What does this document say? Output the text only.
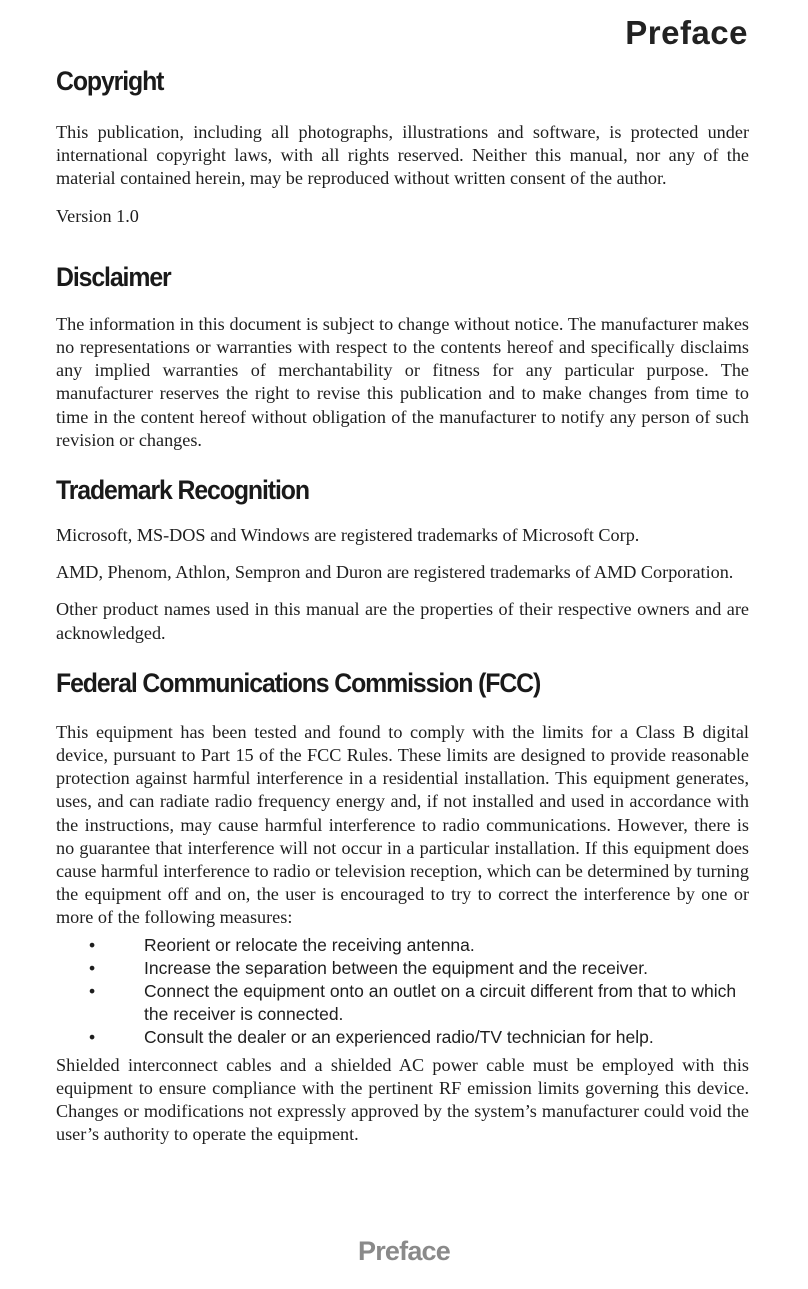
Preface
Copyright

This publication, including all photographs, illustrations and software, is protected under international copyright laws, with all rights reserved. Neither this manual, nor any of the material contained herein, may be reproduced without written consent of the author.

Version 1.0

Disclaimer

The information in this document is subject to change without notice. The manufacturer makes no representations or warranties with respect to the contents hereof and specifically disclaims any implied warranties of merchantability or fitness for any particular purpose. The manufacturer reserves the right to revise this publication and to make changes from time to time in the content hereof without obligation of the manufacturer to notify any person of such revision or changes.

Trademark Recognition

Microsoft, MS-DOS and Windows are registered trademarks of Microsoft Corp.

AMD, Phenom, Athlon, Sempron and Duron are registered trademarks of AMD Corporation.

Other product names used in this manual are the properties of their respective owners and are acknowledged.

Federal Communications Commission (FCC)

This equipment has been tested and found to comply with the limits for a Class B digital device, pursuant to Part 15 of the FCC Rules. These limits are designed to provide reasonable protection against harmful interference in a residential installation. This equipment generates, uses, and can radiate radio frequency energy and, if not installed and used in accordance with the instructions, may cause harmful interference to radio communications. However, there is no guarantee that interference will not occur in a particular installation. If this equipment does cause harmful interference to radio or television reception, which can be determined by turning the equipment off and on, the user is encouraged to try to correct the interference by one or more of the following measures:

•	Reorient or relocate the receiving antenna.
•	Increase the separation between the equipment and the receiver.
•	Connect the equipment onto an outlet on a circuit different from that to which the receiver is connected.
•	Consult the dealer or an experienced radio/TV technician for help.

Shielded interconnect cables and a shielded AC power cable must be employed with this equipment to ensure compliance with the pertinent RF emission limits governing this device. Changes or modifications not expressly approved by the system’s manufacturer could void the user’s authority to operate the equipment.

Preface
